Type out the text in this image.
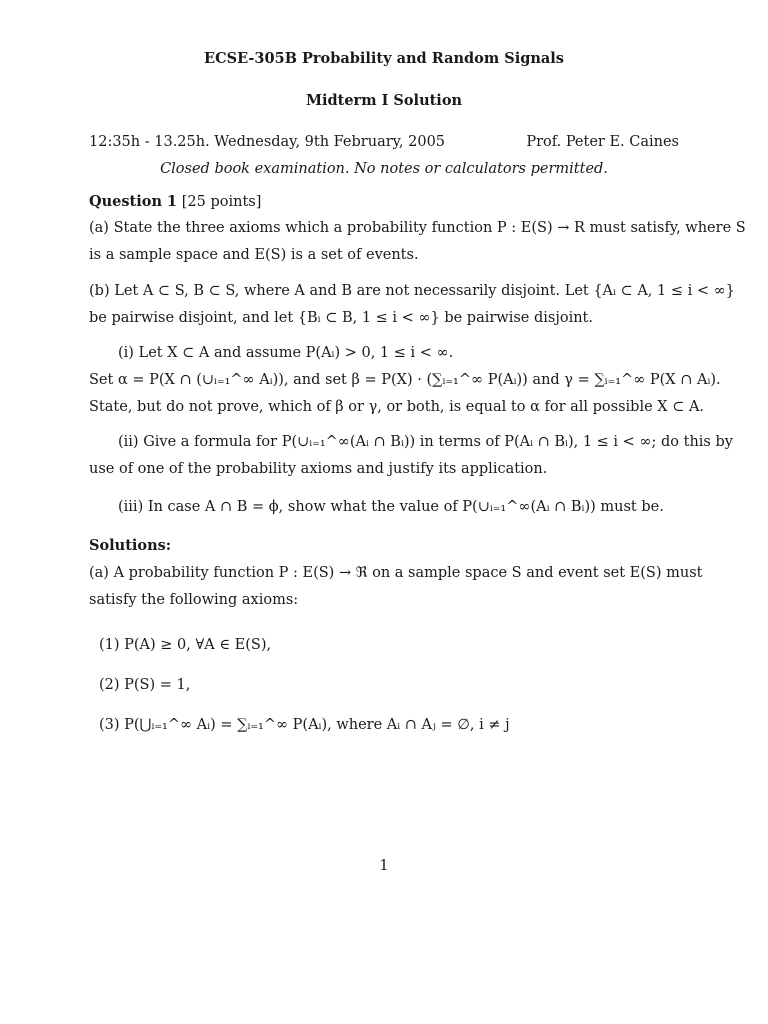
ECSE-305B Probability and Random Signals
Midterm I Solution
12:35h - 13.25h. Wednesday, 9th February, 2005	Prof. Peter E. Caines
Closed book examination. No notes or calculators permitted.
Question 1 [25 points]
(a) State the three axioms which a probability function P : E(S) → R must satisfy, where S
is a sample space and E(S) is a set of events.
(b) Let A ⊂ S, B ⊂ S, where A and B are not necessarily disjoint. Let {Aᵢ ⊂ A, 1 ≤ i < ∞}
be pairwise disjoint, and let {Bᵢ ⊂ B, 1 ≤ i < ∞} be pairwise disjoint.
(i) Let X ⊂ A and assume P(Aᵢ) > 0, 1 ≤ i < ∞.
Set α = P(X ∩ (∪ᵢ₌₁^∞ Aᵢ)), and set β = P(X) · (∑ᵢ₌₁^∞ P(Aᵢ)) and γ = ∑ᵢ₌₁^∞ P(X ∩ Aᵢ).
State, but do not prove, which of β or γ, or both, is equal to α for all possible X ⊂ A.
(ii) Give a formula for P(∪ᵢ₌₁^∞(Aᵢ ∩ Bᵢ)) in terms of P(Aᵢ ∩ Bᵢ), 1 ≤ i < ∞; do this by
use of one of the probability axioms and justify its application.
(iii) In case A ∩ B = ϕ, show what the value of P(∪ᵢ₌₁^∞(Aᵢ ∩ Bᵢ)) must be.
Solutions:
(a) A probability function P : E(S) → ℜ on a sample space S and event set E(S) must
satisfy the following axioms:
(1) P(A) ≥ 0, ∀A ∈ E(S),
(2) P(S) = 1,
(3) P(⋃ᵢ₌₁^∞ Aᵢ) = ∑ᵢ₌₁^∞ P(Aᵢ), where Aᵢ ∩ Aⱼ = ∅, i ≠ j
1
